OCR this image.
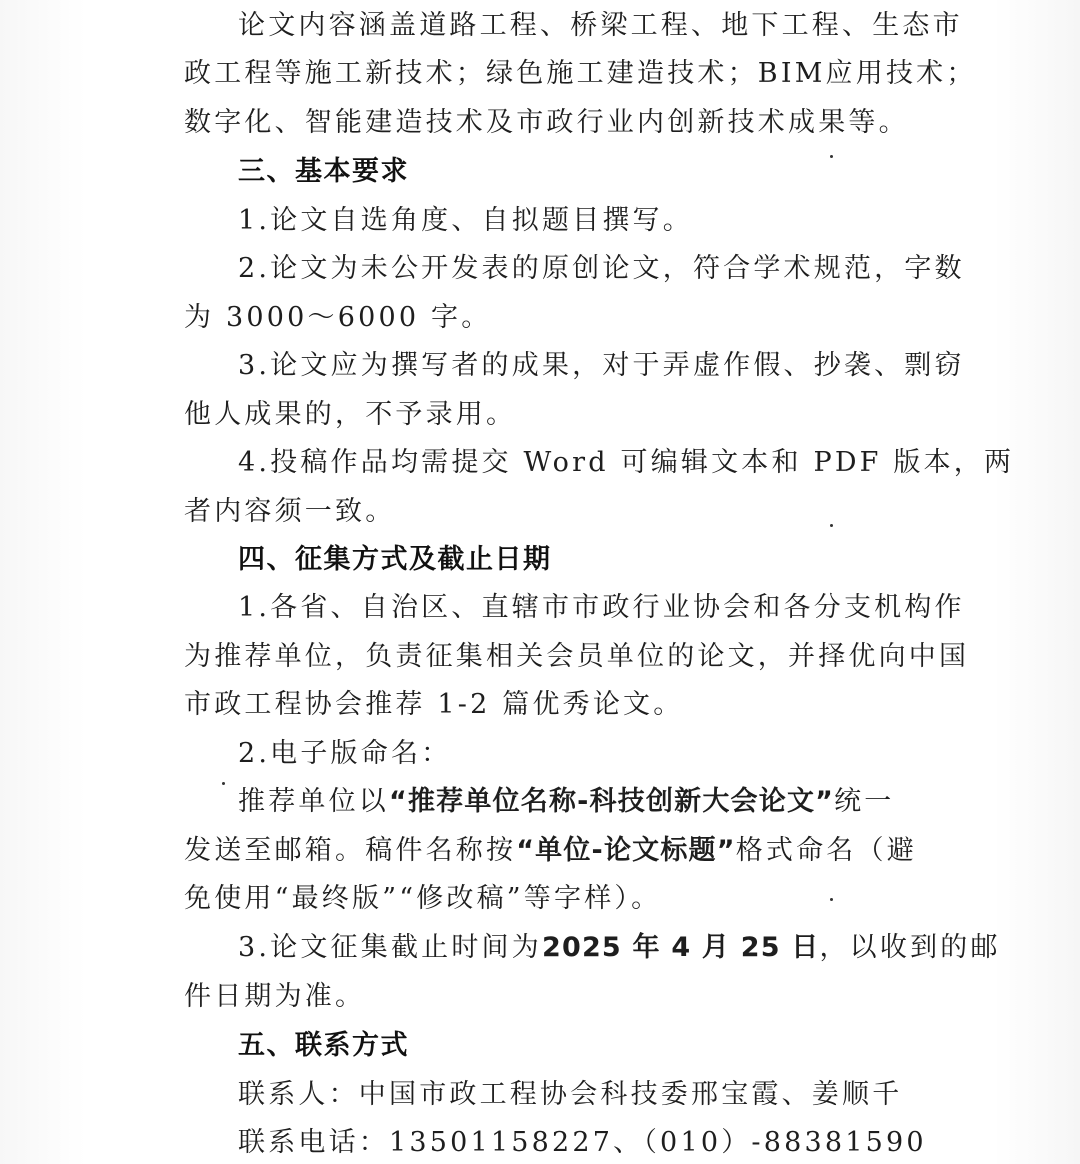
论文内容涵盖道路工程、桥梁工程、地下工程、生态市
政工程等施工新技术；绿色施工建造技术；BIM应用技术；
数字化、智能建造技术及市政行业内创新技术成果等。
三、基本要求
1.论文自选角度、自拟题目撰写。
2.论文为未公开发表的原创论文，符合学术规范，字数
为 3000～6000 字。
3.论文应为撰写者的成果，对于弄虚作假、抄袭、剽窃
他人成果的，不予录用。
4.投稿作品均需提交 Word 可编辑文本和 PDF 版本，两
者内容须一致。
四、征集方式及截止日期
1.各省、自治区、直辖市市政行业协会和各分支机构作
为推荐单位，负责征集相关会员单位的论文，并择优向中国
市政工程协会推荐 1-2 篇优秀论文。
2.电子版命名：
推荐单位以“推荐单位名称-科技创新大会论文”统一
发送至邮箱。稿件名称按“单位-论文标题”格式命名（避
免使用“最终版”“修改稿”等字样）。
3.论文征集截止时间为2025 年 4 月 25 日，以收到的邮
件日期为准。
五、联系方式
联系人：中国市政工程协会科技委邢宝霞、姜顺千
联系电话：13501158227、（010）-88381590
